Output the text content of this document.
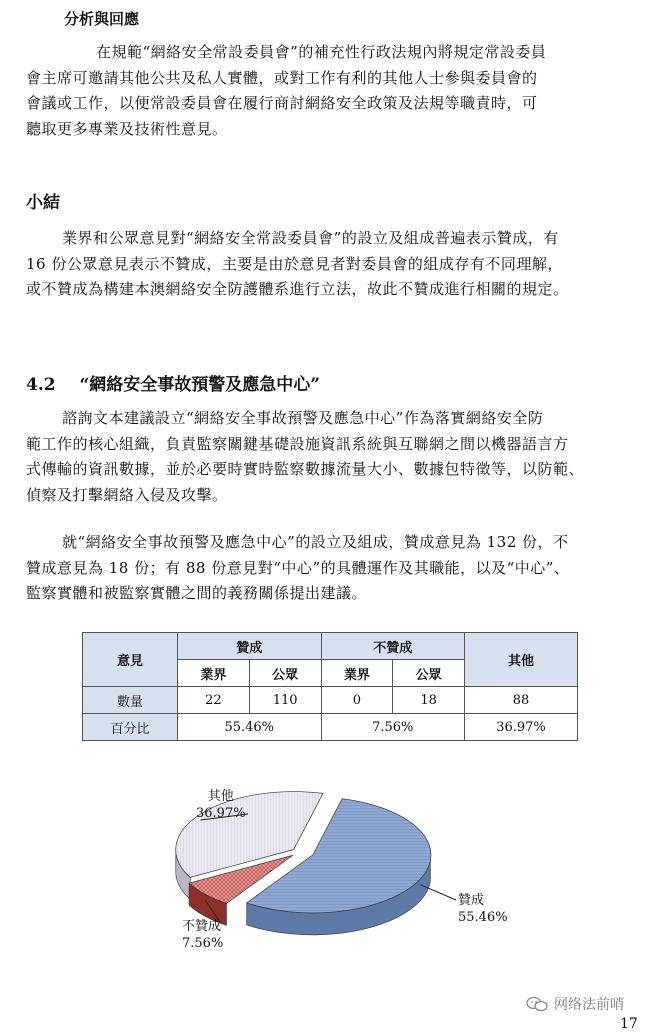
分析與回應
在規範“網絡安全常設委員會”的補充性行政法規內將規定常設委員
會主席可邀請其他公共及私人實體，或對工作有利的其他人士參與委員會的
會議或工作，以便常設委員會在履行商討網絡安全政策及法規等職責時，可
聽取更多專業及技術性意見。
小結
業界和公眾意見對“網絡安全常設委員會”的設立及組成普遍表示贊成，有
16 份公眾意見表示不贊成，主要是由於意見者對委員會的組成存有不同理解，
或不贊成為構建本澳網絡安全防護體系進行立法，故此不贊成進行相關的規定。
4.2 “網絡安全事故預警及應急中心”
諮詢文本建議設立“網絡安全事故預警及應急中心”作為落實網絡安全防
範工作的核心組織，負責監察關鍵基礎設施資訊系統與互聯網之間以機器語言方
式傳輸的資訊數據，並於必要時實時監察數據流量大小、數據包特徵等，以防範、
偵察及打擊網絡入侵及攻擊。
就“網絡安全事故預警及應急中心”的設立及組成，贊成意見為 132 份，不
贊成意見為 18 份；有 88 份意見對“中心”的具體運作及其職能，以及“中心”、
監察實體和被監察實體之間的義務關係提出建議。
意見	贊成		不贊成		其他
	業界	公眾	業界	公眾	
數量	22	110	0	18	88
百分比	55.46%		7.56%		36.97%
其他
36.97%
贊成
55.46%
不贊成
7.56%
网络法前哨
17
